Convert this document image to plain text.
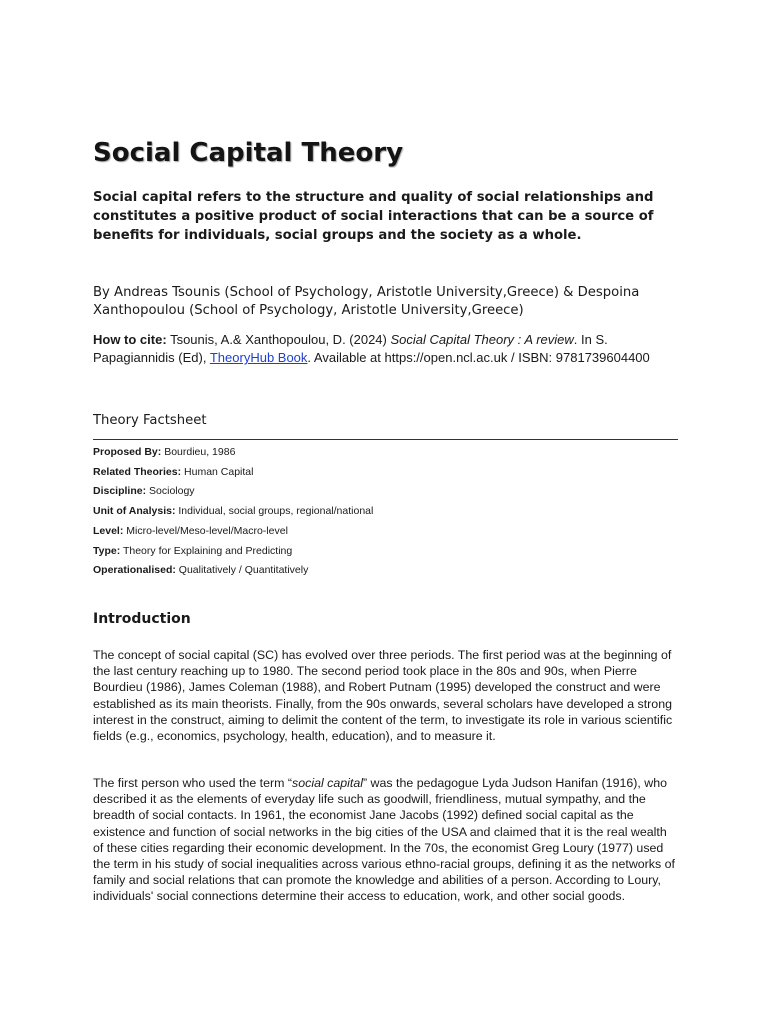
Social Capital Theory

Social capital refers to the structure and quality of social relationships and constitutes a positive product of social interactions that can be a source of benefits for individuals, social groups and the society as a whole.

By Andreas Tsounis (School of Psychology, Aristotle University,Greece) & Despoina Xanthopoulou (School of Psychology, Aristotle University,Greece)

How to cite: Tsounis, A.& Xanthopoulou, D. (2024) Social Capital Theory : A review. In S. Papagiannidis (Ed), TheoryHub Book. Available at https://open.ncl.ac.uk / ISBN: 9781739604400

Theory Factsheet
Proposed By: Bourdieu, 1986
Related Theories: Human Capital
Discipline: Sociology
Unit of Analysis: Individual, social groups, regional/national
Level: Micro-level/Meso-level/Macro-level
Type: Theory for Explaining and Predicting
Operationalised: Qualitatively / Quantitatively
Introduction

The concept of social capital (SC) has evolved over three periods. The first period was at the beginning of the last century reaching up to 1980. The second period took place in the 80s and 90s, when Pierre Bourdieu (1986), James Coleman (1988), and Robert Putnam (1995) developed the construct and were established as its main theorists. Finally, from the 90s onwards, several scholars have developed a strong interest in the construct, aiming to delimit the content of the term, to investigate its role in various scientific fields (e.g., economics, psychology, health, education), and to measure it.

The first person who used the term “social capital” was the pedagogue Lyda Judson Hanifan (1916), who described it as the elements of everyday life such as goodwill, friendliness, mutual sympathy, and the breadth of social contacts. In 1961, the economist Jane Jacobs (1992) defined social capital as the existence and function of social networks in the big cities of the USA and claimed that it is the real wealth of these cities regarding their economic development. In the 70s, the economist Greg Loury (1977) used the term in his study of social inequalities across various ethno-racial groups, defining it as the networks of family and social relations that can promote the knowledge and abilities of a person. According to Loury, individuals' social connections determine their access to education, work, and other social goods.
